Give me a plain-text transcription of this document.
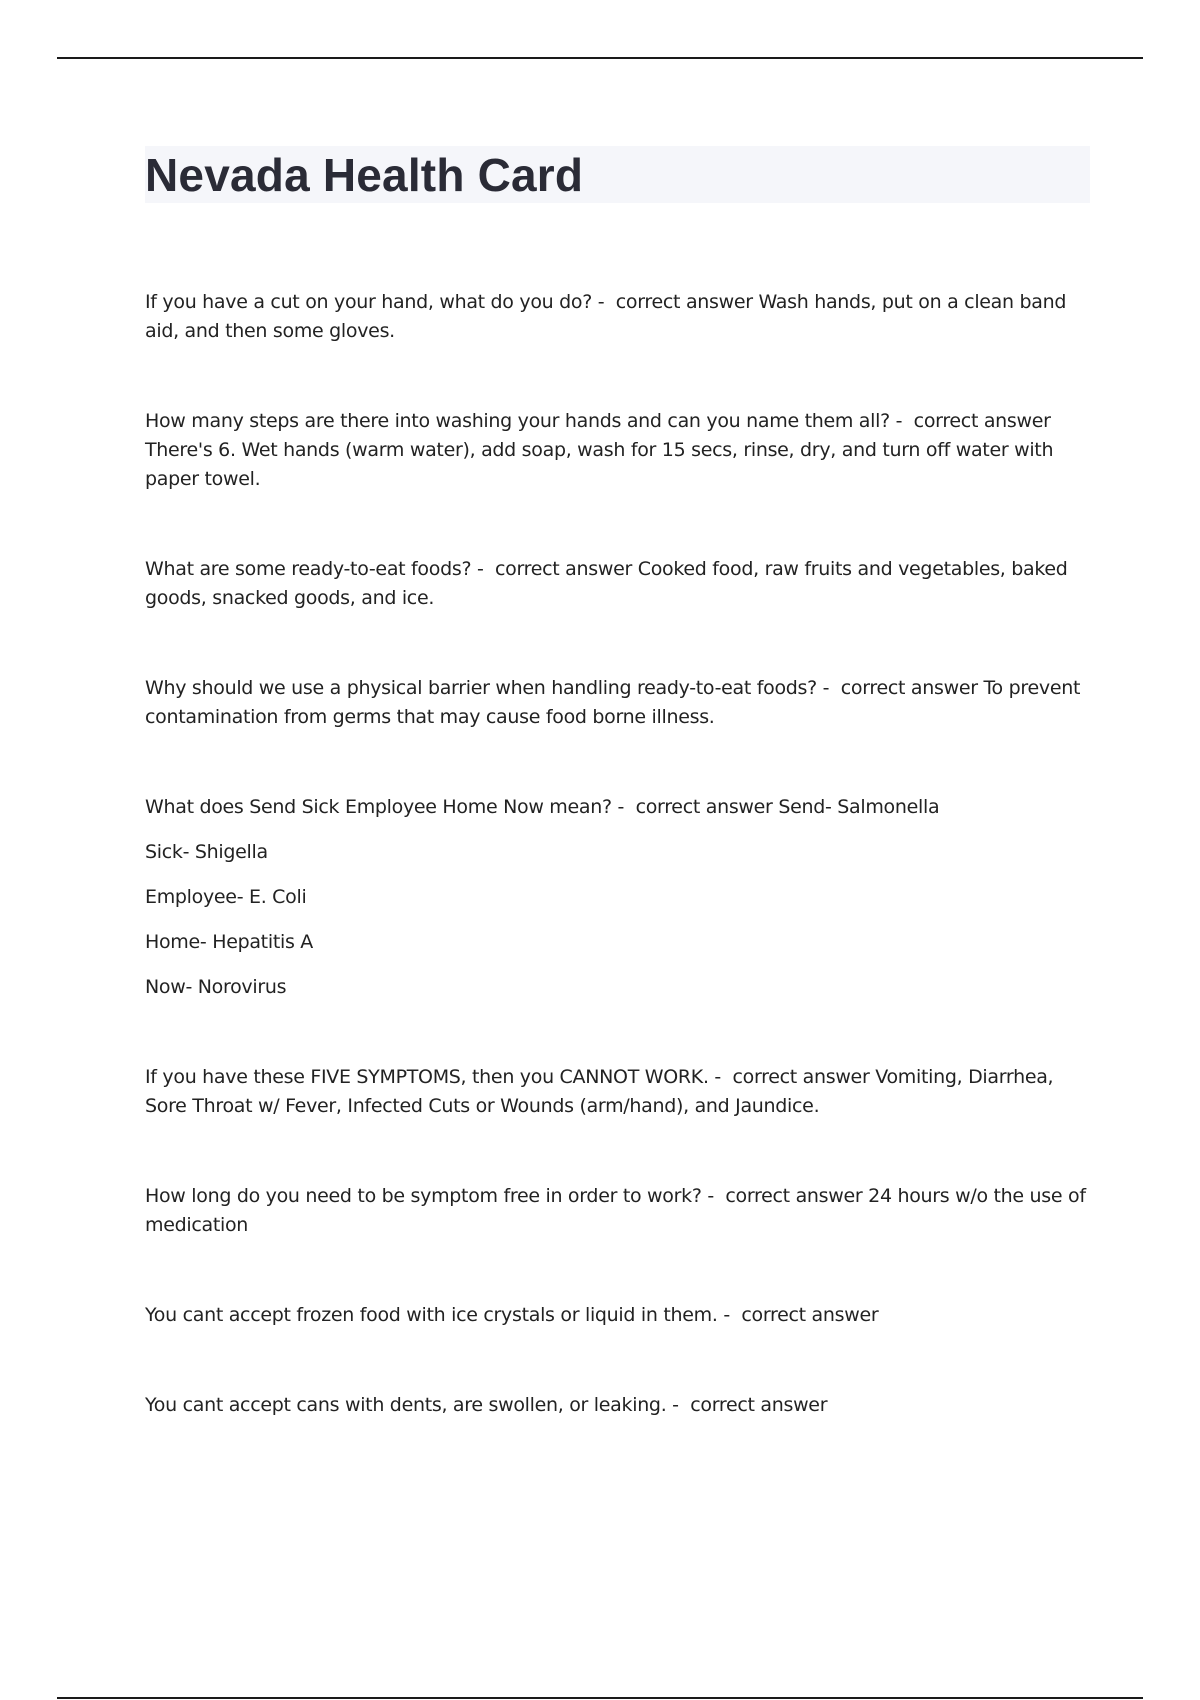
Nevada Health Card

If you have a cut on your hand, what do you do? - correct answer Wash hands, put on a clean band aid, and then some gloves.

How many steps are there into washing your hands and can you name them all? - correct answer There's 6. Wet hands (warm water), add soap, wash for 15 secs, rinse, dry, and turn off water with paper towel.

What are some ready-to-eat foods? - correct answer Cooked food, raw fruits and vegetables, baked goods, snacked goods, and ice.

Why should we use a physical barrier when handling ready-to-eat foods? - correct answer To prevent contamination from germs that may cause food borne illness.

What does Send Sick Employee Home Now mean? - correct answer Send- Salmonella
Sick- Shigella
Employee- E. Coli
Home- Hepatitis A
Now- Norovirus

If you have these FIVE SYMPTOMS, then you CANNOT WORK. - correct answer Vomiting, Diarrhea, Sore Throat w/ Fever, Infected Cuts or Wounds (arm/hand), and Jaundice.

How long do you need to be symptom free in order to work? - correct answer 24 hours w/o the use of medication

You cant accept frozen food with ice crystals or liquid in them. - correct answer

You cant accept cans with dents, are swollen, or leaking. - correct answer
